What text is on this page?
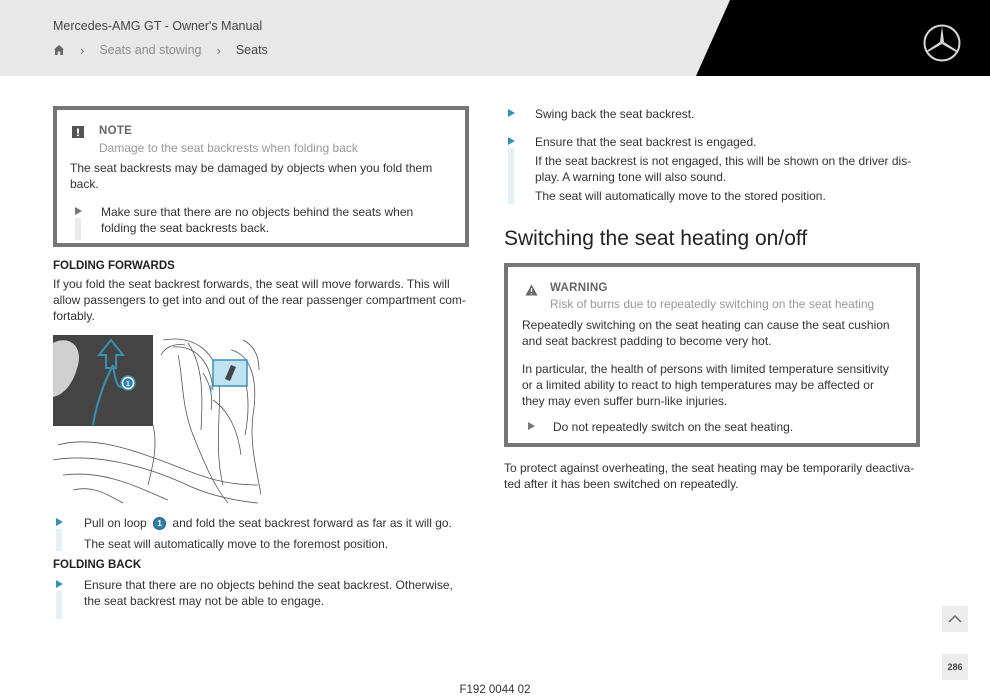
Mercedes-AMG GT - Owner's Manual
› Seats and stowing › Seats
NOTE
Damage to the seat backrests when folding back
The seat backrests may be damaged by objects when you fold them
back.
Make sure that there are no objects behind the seats when
folding the seat backrests back.
FOLDING FORWARDS
If you fold the seat backrest forwards, the seat will move forwards. This will
allow passengers to get into and out of the rear passenger compartment com-
fortably.
1
Pull on loop 1 and fold the seat backrest forward as far as it will go.
The seat will automatically move to the foremost position.
FOLDING BACK
Ensure that there are no objects behind the seat backrest. Otherwise,
the seat backrest may not be able to engage.
Swing back the seat backrest.
Ensure that the seat backrest is engaged.
If the seat backrest is not engaged, this will be shown on the driver dis-
play. A warning tone will also sound.
The seat will automatically move to the stored position.
Switching the seat heating on/off
WARNING
Risk of burns due to repeatedly switching on the seat heating
Repeatedly switching on the seat heating can cause the seat cushion
and seat backrest padding to become very hot.
In particular, the health of persons with limited temperature sensitivity
or a limited ability to react to high temperatures may be affected or
they may even suffer burn-like injuries.
Do not repeatedly switch on the seat heating.
To protect against overheating, the seat heating may be temporarily deactiva-
ted after it has been switched on repeatedly.
286
F192 0044 02
